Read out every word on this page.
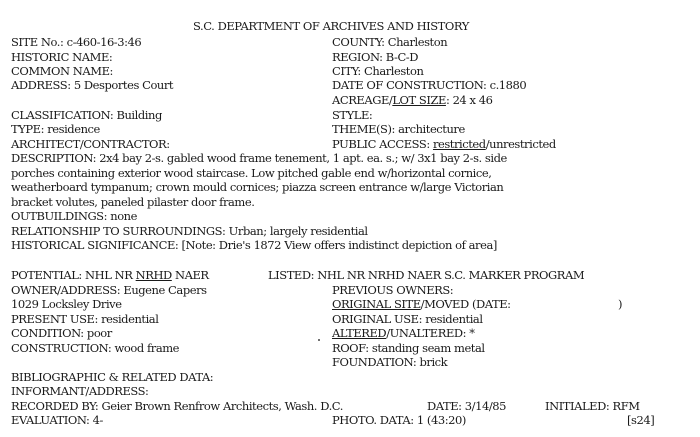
S.C. DEPARTMENT OF ARCHIVES AND HISTORY
SITE No.: c-460-16-3:46
HISTORIC NAME:
COMMON NAME:
ADDRESS: 5 Desportes Court
CLASSIFICATION: Building
TYPE: residence
ARCHITECT/CONTRACTOR:
COUNTY: Charleston
REGION: B-C-D
CITY: Charleston
DATE OF CONSTRUCTION: c.1880
ACREAGE/LOT SIZE: 24 x 46
STYLE:
THEME(S): architecture
PUBLIC ACCESS: restricted/unrestricted
DESCRIPTION: 2x4 bay 2-s. gabled wood frame tenement, 1 apt. ea. s.; w/ 3x1 bay 2-s. side
porches containing exterior wood staircase. Low pitched gable end w/horizontal cornice,
weatherboard tympanum; crown mould cornices; piazza screen entrance w/large Victorian
bracket volutes, paneled pilaster door frame.
OUTBUILDINGS: none
RELATIONSHIP TO SURROUNDINGS: Urban; largely residential
HISTORICAL SIGNIFICANCE: [Note: Drie's 1872 View offers indistinct depiction of area]
POTENTIAL: NHL NR NRHD NAER	LISTED: NHL NR NRHD NAER S.C. MARKER PROGRAM
OWNER/ADDRESS: Eugene Capers
1029 Locksley Drive
PRESENT USE: residential
CONDITION: poor
CONSTRUCTION: wood frame
PREVIOUS OWNERS:
ORIGINAL SITE/MOVED (DATE:	)
ORIGINAL USE: residential
ALTERED/UNALTERED: *
ROOF: standing seam metal
FOUNDATION: brick
BIBLIOGRAPHIC & RELATED DATA:
INFORMANT/ADDRESS:
RECORDED BY: Geier Brown Renfrow Architects, Wash. D.C.	DATE: 3/14/85	INITIALED: RFM
EVALUATION: 4-	PHOTO. DATA: 1 (43:20)	[s24]
